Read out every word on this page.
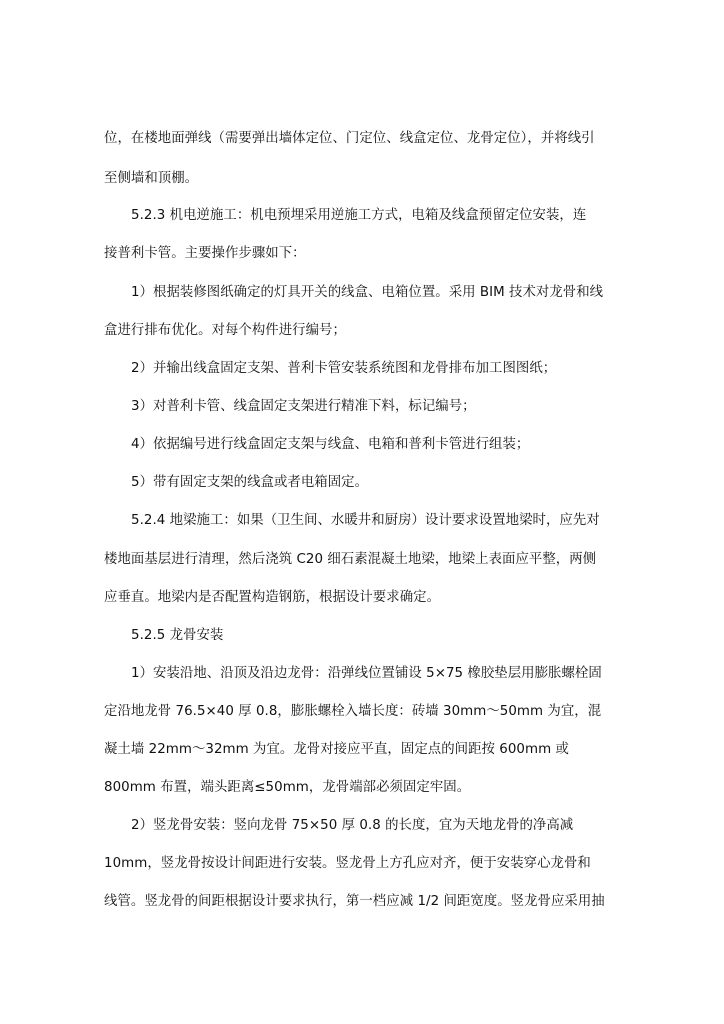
位，在楼地面弹线（需要弹出墙体定位、门定位、线盒定位、龙骨定位），并将线引
至侧墙和顶棚。
5.2.3 机电逆施工：机电预埋采用逆施工方式，电箱及线盒预留定位安装，连
接普利卡管。主要操作步骤如下：
1）根据装修图纸确定的灯具开关的线盒、电箱位置。采用 BIM 技术对龙骨和线
盒进行排布优化。对每个构件进行编号；
2）并输出线盒固定支架、普利卡管安装系统图和龙骨排布加工图图纸；
3）对普利卡管、线盒固定支架进行精准下料，标记编号；
4）依据编号进行线盒固定支架与线盒、电箱和普利卡管进行组装；
5）带有固定支架的线盒或者电箱固定。
5.2.4 地梁施工：如果（卫生间、水暖井和厨房）设计要求设置地梁时，应先对
楼地面基层进行清理，然后浇筑 C20 细石素混凝土地梁，地梁上表面应平整，两侧
应垂直。地梁内是否配置构造钢筋，根据设计要求确定。
5.2.5 龙骨安装
1）安装沿地、沿顶及沿边龙骨：沿弹线位置铺设 5×75 橡胶垫层用膨胀螺栓固
定沿地龙骨 76.5×40 厚 0.8，膨胀螺栓入墙长度：砖墙 30mm～50mm 为宜，混
凝土墙 22mm～32mm 为宜。龙骨对接应平直，固定点的间距按 600mm 或
800mm 布置，端头距离≤50mm，龙骨端部必须固定牢固。
2）竖龙骨安装：竖向龙骨 75×50 厚 0.8 的长度，宜为天地龙骨的净高减
10mm，竖龙骨按设计间距进行安装。竖龙骨上方孔应对齐，便于安装穿心龙骨和
线管。竖龙骨的间距根据设计要求执行，第一档应减 1/2 间距宽度。竖龙骨应采用抽
